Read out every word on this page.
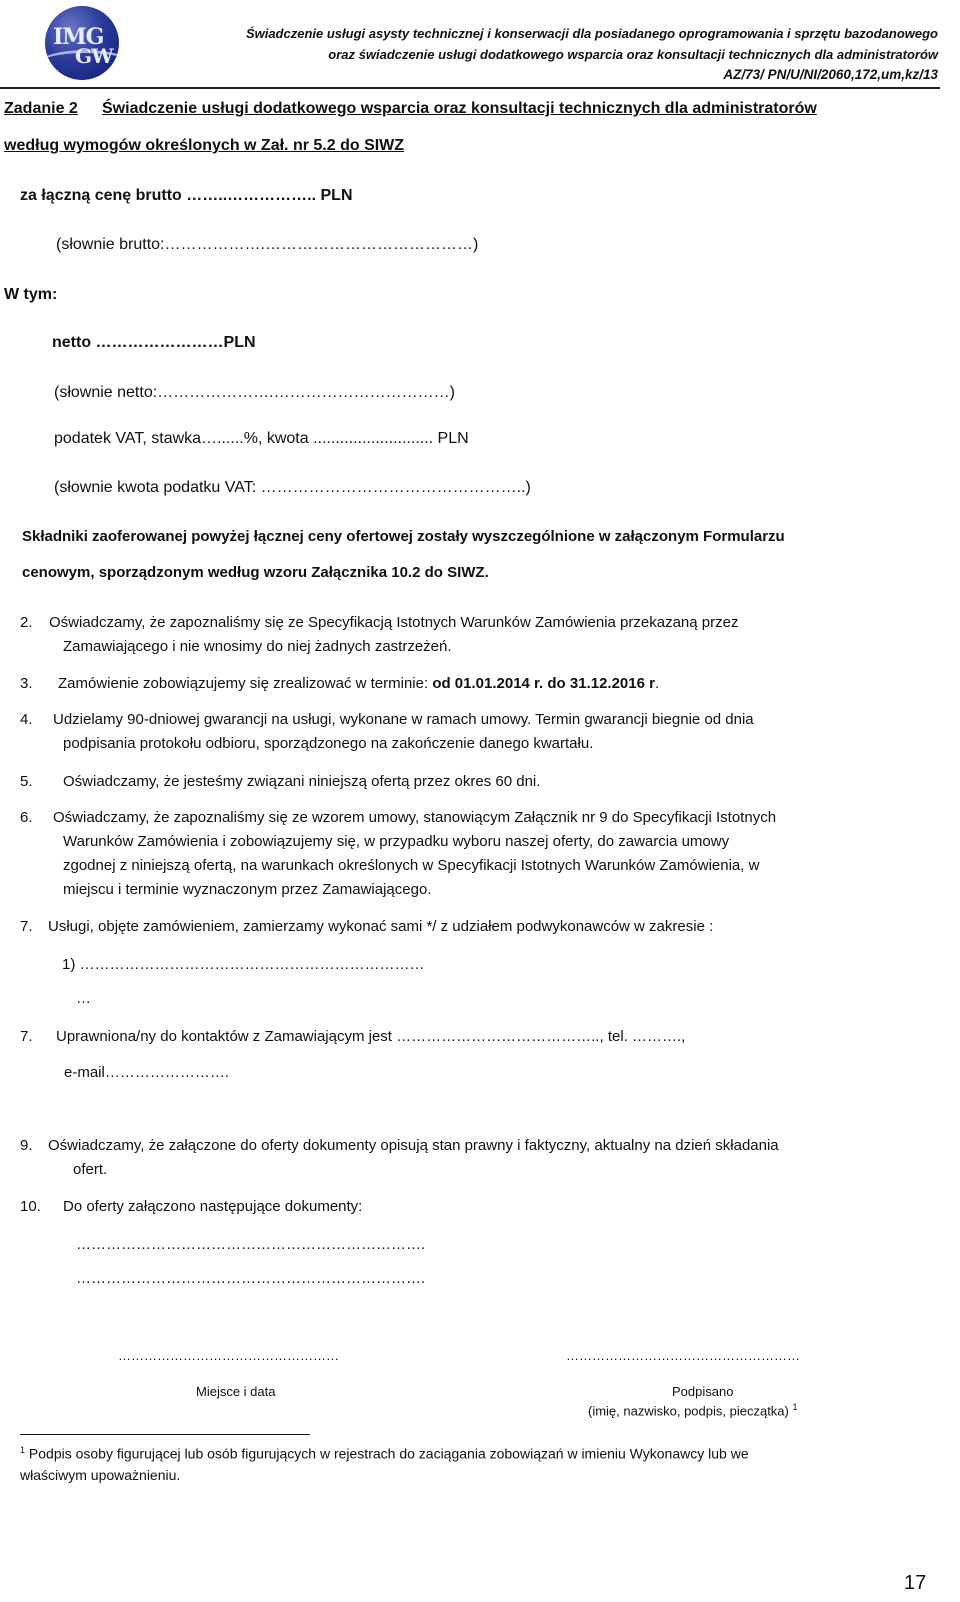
IMG
GW
Świadczenie usługi asysty technicznej i konserwacji dla posiadanego oprogramowania i sprzętu bazodanowego
oraz świadczenie usługi dodatkowego wsparcia oraz konsultacji technicznych dla administratorów
AZ/73/ PN/U/NI/2060,172,um,kz/13
Zadanie 2 Świadczenie usługi dodatkowego wsparcia oraz konsultacji technicznych dla administratorów
według wymogów określonych w Zał. nr 5.2 do SIWZ
za łączną cenę brutto ……..…………….. PLN
(słownie brutto:……………….…………………………………)
W tym:
netto ……………………PLN
(słownie netto:………………….……………………………)
podatek VAT, stawka…......%, kwota ........................... PLN
(słownie kwota podatku VAT: …………………………………………..)
Składniki zaoferowanej powyżej łącznej ceny ofertowej zostały wyszczególnione w załączonym Formularzu
cenowym, sporządzonym według wzoru Załącznika 10.2 do SIWZ.
2. Oświadczamy, że zapoznaliśmy się ze Specyfikacją Istotnych Warunków Zamówienia przekazaną przez
Zamawiającego i nie wnosimy do niej żadnych zastrzeżeń.
3. Zamówienie zobowiązujemy się zrealizować w terminie: od 01.01.2014 r. do 31.12.2016 r.
4. Udzielamy 90-dniowej gwarancji na usługi, wykonane w ramach umowy. Termin gwarancji biegnie od dnia
podpisania protokołu odbioru, sporządzonego na zakończenie danego kwartału.
5. Oświadczamy, że jesteśmy związani niniejszą ofertą przez okres 60 dni.
6. Oświadczamy, że zapoznaliśmy się ze wzorem umowy, stanowiącym Załącznik nr 9 do Specyfikacji Istotnych
Warunków Zamówienia i zobowiązujemy się, w przypadku wyboru naszej oferty, do zawarcia umowy
zgodnej z niniejszą ofertą, na warunkach określonych w Specyfikacji Istotnych Warunków Zamówienia, w
miejscu i terminie wyznaczonym przez Zamawiającego.
7. Usługi, objęte zamówieniem, zamierzamy wykonać sami */ z udziałem podwykonawców w zakresie :
1) ……………………………………………………………
…
7. Uprawniona/ny do kontaktów z Zamawiającym jest ………………………………….., tel. ……….,
e-mail…………………….
9. Oświadczamy, że załączone do oferty dokumenty opisują stan prawny i faktyczny, aktualny na dzień składania
ofert.
10. Do oferty załączono następujące dokumenty:
…………………………………………………………….
…………………………………………………………….
……………………………………………
Miejsce i data
………………………………………………
Podpisano
(imię, nazwisko, podpis, pieczątka) $^1$
$^1$ Podpis osoby figurującej lub osób figurujących w rejestrach do zaciągania zobowiązań w imieniu Wykonawcy lub we
właściwym upoważnieniu.
17
